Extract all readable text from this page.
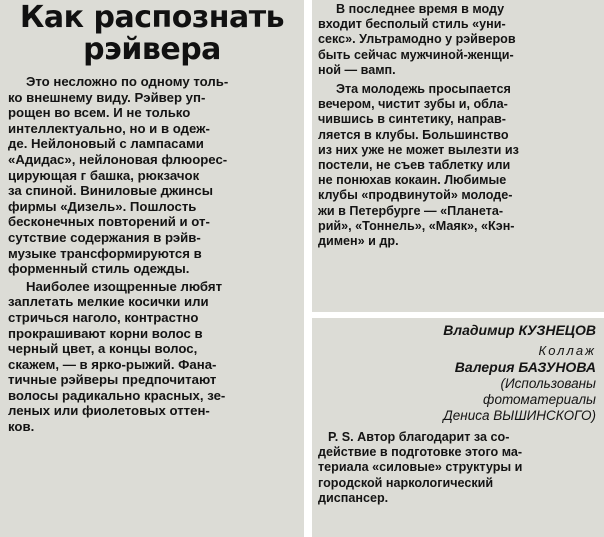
Как распознать
рэйвера
Это несложно по одному толь-
ко внешнему виду. Рэйвер уп-
рощен во всем. И не только
интеллектуально, но и в одеж-
де. Нейлоновый с лампасами
«Адидас», нейлоновая флюорес-
цирующая г башка, рюкзачок
за спиной. Виниловые джинсы
фирмы «Дизель». Пошлость
бесконечных повторений и от-
сутствие содержания в рэйв-
музыке трансформируются в
форменный стиль одежды.
Наиболее изощренные любят
заплетать мелкие косички или
стричься наголо, контрастно
прокрашивают корни волос в
черный цвет, а концы волос,
скажем, — в ярко-рыжий. Фана-
тичные рэйверы предпочитают
волосы радикально красных, зе-
леных или фиолетовых оттен-
ков.
В последнее время в моду
входит бесполый стиль «уни-
секс». Ультрамодно у рэйверов
быть сейчас мужчиной-женщи-
ной — вамп.
Эта молодежь просыпается
вечером, чистит зубы и, обла-
чившись в синтетику, направ-
ляется в клубы. Большинство
из них уже не может вылезти из
постели, не съев таблетку или
не понюхав кокаин. Любимые
клубы «продвинутой» молоде-
жи в Петербурге — «Планета-
рий», «Тоннель», «Маяк», «Кэн-
димен» и др.
Владимир КУЗНЕЦОВ
Коллаж
Валерия БАЗУНОВА
(Использованы
фотоматериалы
Дениса ВЫШИНСКОГО)
P. S. Автор благодарит за со-
действие в подготовке этого ма-
териала «силовые» структуры и
городской наркологический
диспансер.
